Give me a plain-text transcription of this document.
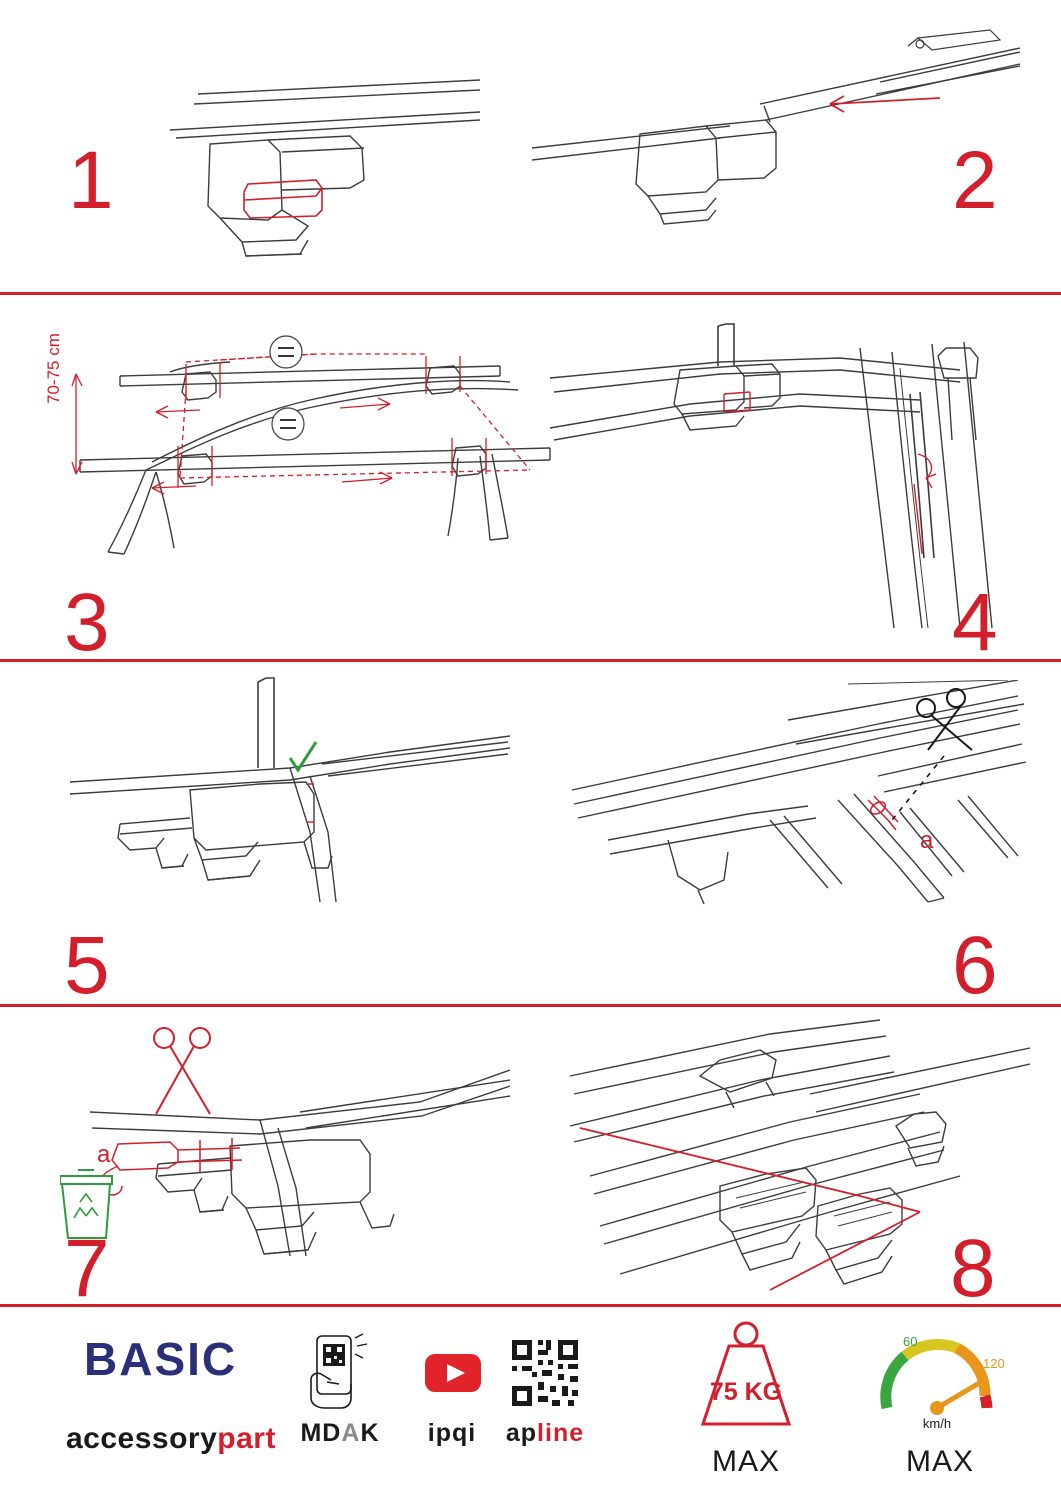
70-75 cm
a
a
1	2
3	4
5	6
7	8
BASIC
accessorypart MDAK	ipqi	apline
75 KG
MAX
60
120
km/h
MAX
